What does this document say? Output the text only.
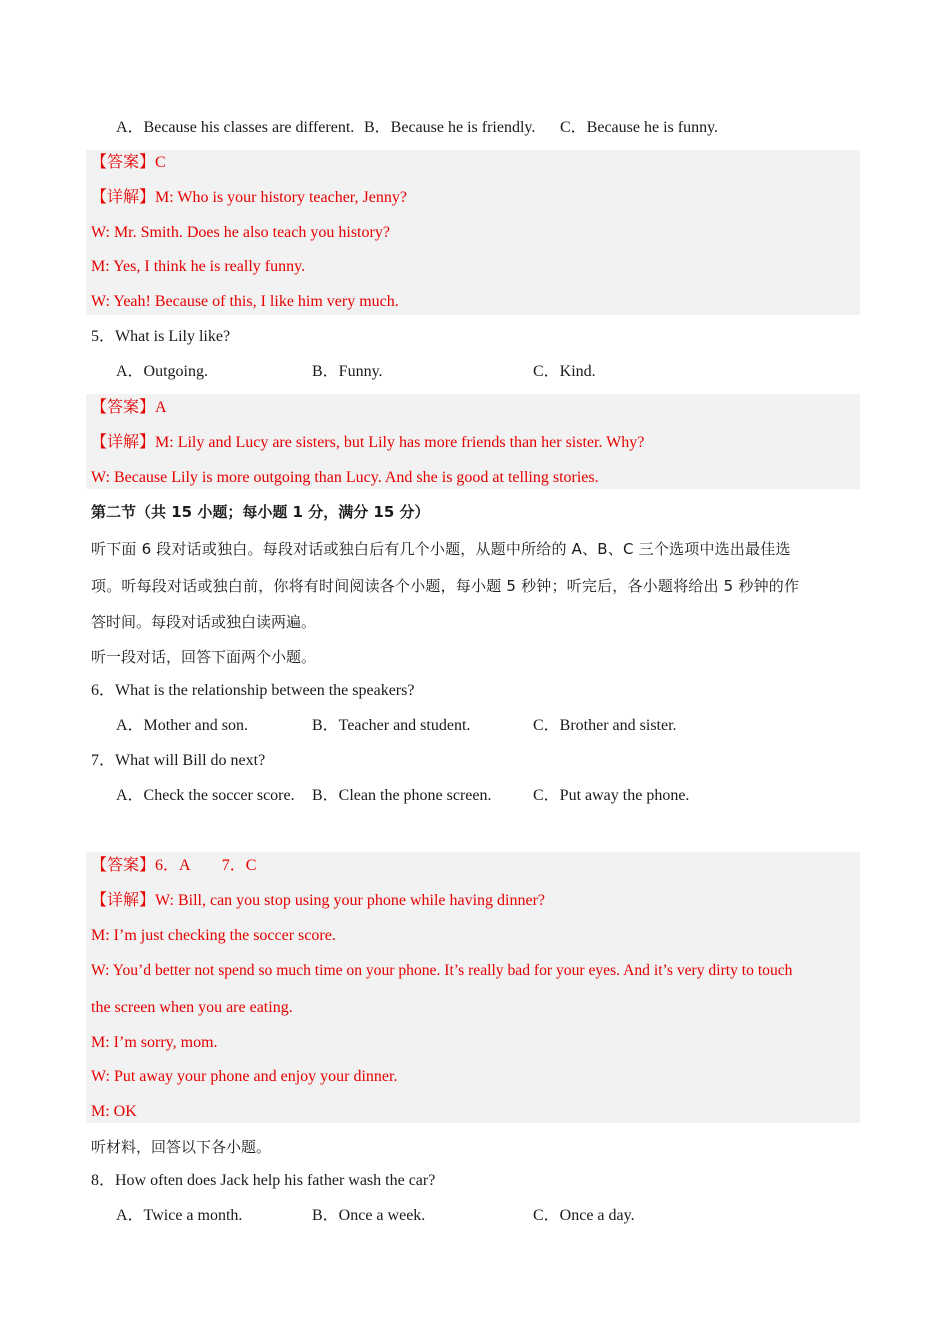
A．Because his classes are different. B．Because he is friendly. C．Because he is funny.
【答案】C
【详解】M: Who is your history teacher, Jenny?
W: Mr. Smith. Does he also teach you history?
M: Yes, I think he is really funny.
W: Yeah! Because of this, I like him very much.
5．What is Lily like?
A．Outgoing.	B．Funny.	C．Kind.
【答案】A
【详解】M: Lily and Lucy are sisters, but Lily has more friends than her sister. Why?
W: Because Lily is more outgoing than Lucy. And she is good at telling stories.
第二节（共 15 小题；每小题 1 分，满分 15 分）
听下面 6 段对话或独白。每段对话或独白后有几个小题，从题中所给的 A、B、C 三个选项中选出最佳选
项。听每段对话或独白前，你将有时间阅读各个小题，每小题 5 秒钟；听完后，各小题将给出 5 秒钟的作
答时间。每段对话或独白读两遍。
听一段对话，回答下面两个小题。
6．What is the relationship between the speakers?
A．Mother and son.	B．Teacher and student.	C．Brother and sister.
7．What will Bill do next?
A．Check the soccer score. B．Clean the phone screen.	C．Put away the phone.
【答案】6．A　　7．C
【详解】W: Bill, can you stop using your phone while having dinner?
M: I’m just checking the soccer score.
W: You’d better not spend so much time on your phone. It’s really bad for your eyes. And it’s very dirty to touch
the screen when you are eating.
M: I’m sorry, mom.
W: Put away your phone and enjoy your dinner.
M: OK
听材料，回答以下各小题。
8．How often does Jack help his father wash the car?
A．Twice a month.	B．Once a week.	C．Once a day.
